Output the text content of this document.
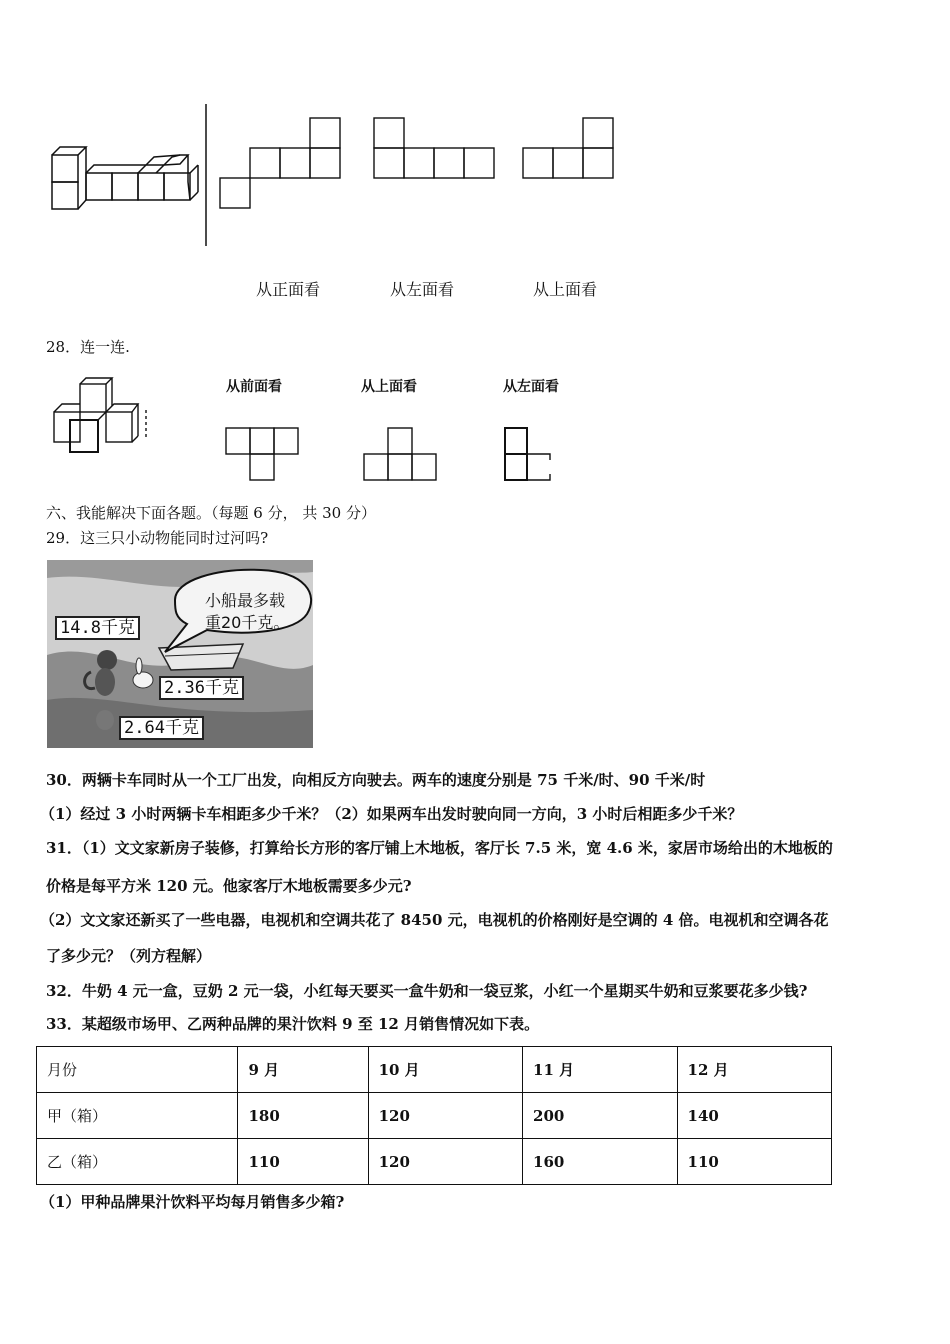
从正面看	从左面看	从上面看
28．连一连.
从前面看	从上面看	从左面看
六、我能解决下面各题。（每题 6 分， 共 30 分）
29．这三只小动物能同时过河吗?
小船最多载
重20千克。
14.8千克
2.36千克
2.64千克
30．两辆卡车同时从一个工厂出发，向相反方向驶去。两车的速度分别是 75 千米/时、90 千米/时
（1）经过 3 小时两辆卡车相距多少千米？（2）如果两车出发时驶向同一方向，3 小时后相距多少千米？
31．（1）文文家新房子装修，打算给长方形的客厅铺上木地板，客厅长 7.5 米，宽 4.6 米，家居市场给出的木地板的
价格是每平方米 120 元。他家客厅木地板需要多少元?
（2）文文家还新买了一些电器，电视机和空调共花了 8450 元，电视机的价格刚好是空调的 4 倍。电视机和空调各花
了多少元？（列方程解）
32．牛奶 4 元一盒，豆奶 2 元一袋，小红每天要买一盒牛奶和一袋豆浆，小红一个星期买牛奶和豆浆要花多少钱?
33．某超级市场甲、乙两种品牌的果汁饮料 9 至 12 月销售情况如下表。
月份	9 月	10 月	11 月	12 月
甲（箱）	180	120	200	140
乙（箱）	110	120	160	110
（1）甲种品牌果汁饮料平均每月销售多少箱?
